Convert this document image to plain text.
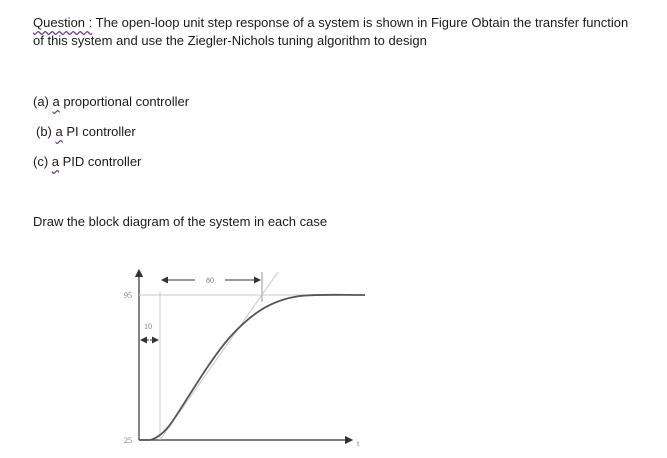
Question : The open-loop unit step response of a system is shown in Figure Obtain the transfer function
of this system and use the Ziegler-Nichols tuning algorithm to design
(a) a proportional controller
(b) a PI controller
(c) a PID controller
Draw the block diagram of the system in each case
80
10
95
25	t
